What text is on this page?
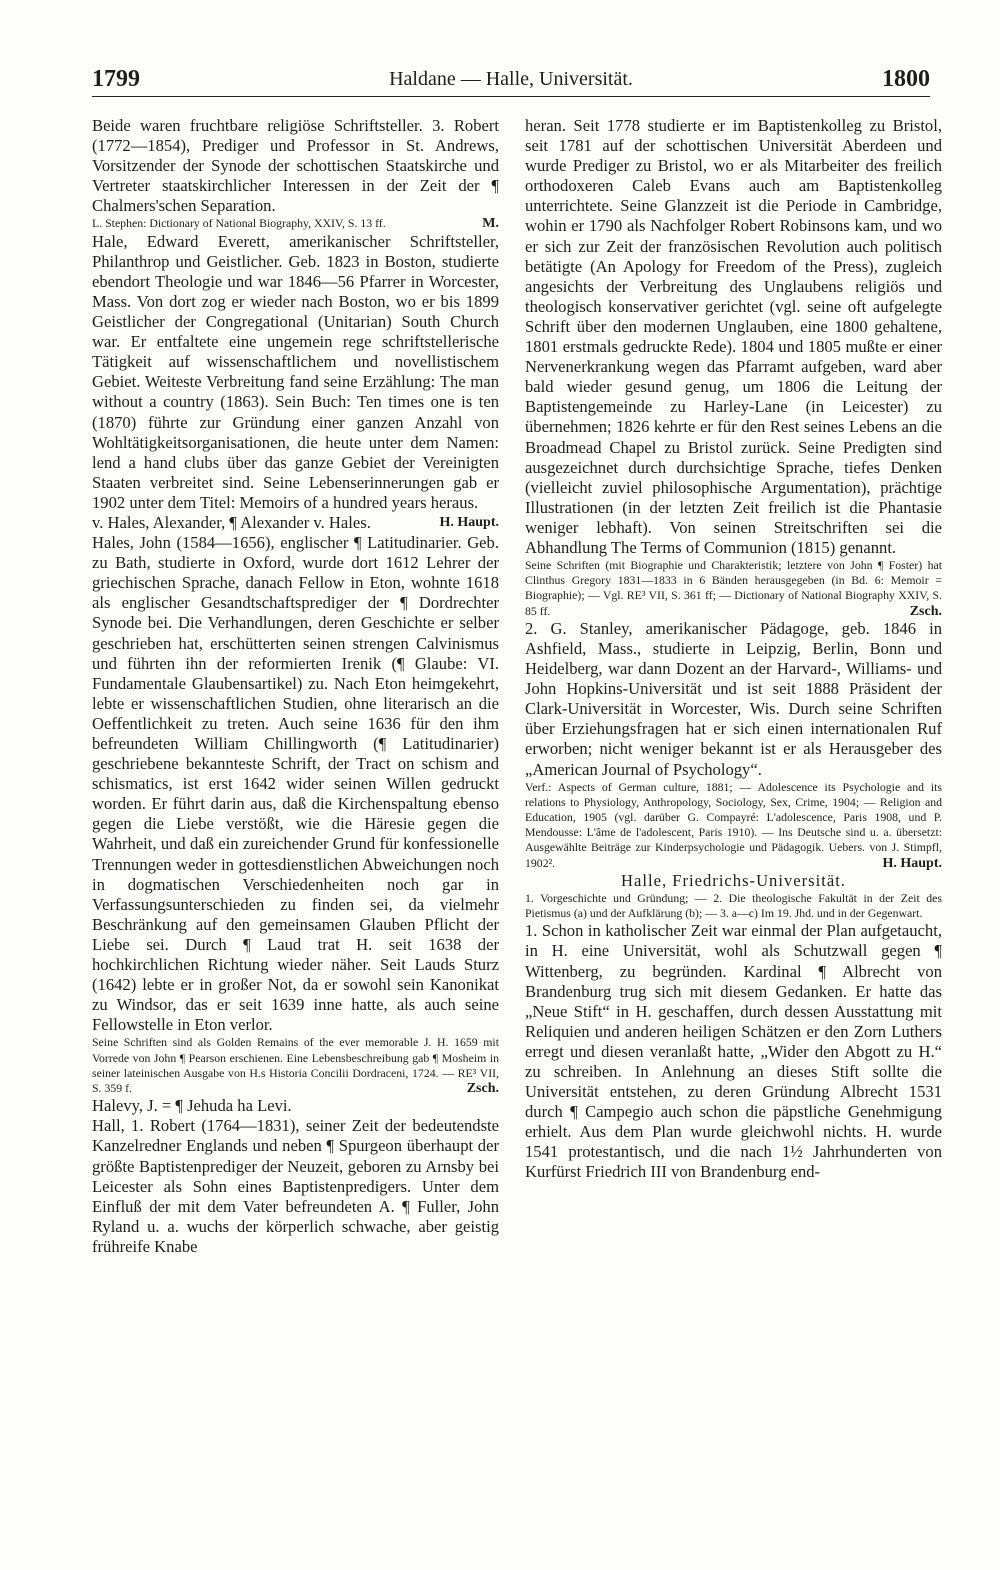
1799	Haldane — Halle, Universität.	1800

Beide waren fruchtbare religiöse Schriftsteller. 3. Robert (1772—1854), Prediger und Professor in St. Andrews, Vorsitzender der Synode der schottischen Staatskirche und Vertreter staatskirchlicher Interessen in der Zeit der ¶ Chalmers'schen Separation.

M.
L. Stephen: Dictionary of National Biography, XXIV, S. 13 ff.

Hale, Edward Everett, amerikanischer Schriftsteller, Philanthrop und Geistlicher. Geb. 1823 in Boston, studierte ebendort Theologie und war 1846—56 Pfarrer in Worcester, Mass. Von dort zog er wieder nach Boston, wo er bis 1899 Geistlicher der Congregational (Unitarian) South Church war. Er entfaltete eine ungemein rege schriftstellerische Tätigkeit auf wissenschaftlichem und novellistischem Gebiet. Weiteste Verbreitung fand seine Erzählung: The man without a country (1863). Sein Buch: Ten times one is ten (1870) führte zur Gründung einer ganzen Anzahl von Wohltätigkeitsorganisationen, die heute unter dem Namen: lend a hand clubs über das ganze Gebiet der Vereinigten Staaten verbreitet sind. Seine Lebenserinnerungen gab er 1902 unter dem Titel: Memoirs of a hundred years heraus.
H. Haupt.

v. Hales, Alexander, ¶ Alexander v. Hales.

Hales, John (1584—1656), englischer ¶ Latitudinarier. Geb. zu Bath, studierte in Oxford, wurde dort 1612 Lehrer der griechischen Sprache, danach Fellow in Eton, wohnte 1618 als englischer Gesandtschaftsprediger der ¶ Dordrechter Synode bei. Die Verhandlungen, deren Geschichte er selber geschrieben hat, erschütterten seinen strengen Calvinismus und führten ihn der reformierten Irenik (¶ Glaube: VI. Fundamentale Glaubensartikel) zu. Nach Eton heimgekehrt, lebte er wissenschaftlichen Studien, ohne literarisch an die Oeffentlichkeit zu treten. Auch seine 1636 für den ihm befreundeten William Chillingworth (¶ Latitudinarier) geschriebene bekannteste Schrift, der Tract on schism and schismatics, ist erst 1642 wider seinen Willen gedruckt worden. Er führt darin aus, daß die Kirchenspaltung ebenso gegen die Liebe verstößt, wie die Häresie gegen die Wahrheit, und daß ein zureichender Grund für konfessionelle Trennungen weder in gottesdienstlichen Abweichungen noch in dogmatischen Verschiedenheiten noch gar in Verfassungsunterschieden zu finden sei, da vielmehr Beschränkung auf den gemeinsamen Glauben Pflicht der Liebe sei. Durch ¶ Laud trat H. seit 1638 der hochkirchlichen Richtung wieder näher. Seit Lauds Sturz (1642) lebte er in großer Not, da er sowohl sein Kanonikat zu Windsor, das er seit 1639 inne hatte, als auch seine Fellowstelle in Eton verlor.

Seine Schriften sind als Golden Remains of the ever memorable J. H. 1659 mit Vorrede von John ¶ Pearson erschienen. Eine Lebensbeschreibung gab ¶ Mosheim in seiner lateinischen Ausgabe von H.s Historia Concilii Dordraceni, 1724. — RE³ VII, S. 359 f.	Zsch.

Halevy, J. = ¶ Jehuda ha Levi.

Hall, 1. Robert (1764—1831), seiner Zeit der bedeutendste Kanzelredner Englands und neben ¶ Spurgeon überhaupt der größte Baptistenprediger der Neuzeit, geboren zu Arnsby bei Leicester als Sohn eines Baptistenpredigers. Unter dem Einfluß der mit dem Vater befreundeten A. ¶ Fuller, John Ryland u. a. wuchs der körperlich schwache, aber geistig frühreife Knabe

heran. Seit 1778 studierte er im Baptistenkolleg zu Bristol, seit 1781 auf der schottischen Universität Aberdeen und wurde Prediger zu Bristol, wo er als Mitarbeiter des freilich orthodoxeren Caleb Evans auch am Baptistenkolleg unterrichtete. Seine Glanzzeit ist die Periode in Cambridge, wohin er 1790 als Nachfolger Robert Robinsons kam, und wo er sich zur Zeit der französischen Revolution auch politisch betätigte (An Apology for Freedom of the Press), zugleich angesichts der Verbreitung des Unglaubens religiös und theologisch konservativer gerichtet (vgl. seine oft aufgelegte Schrift über den modernen Unglauben, eine 1800 gehaltene, 1801 erstmals gedruckte Rede). 1804 und 1805 mußte er einer Nervenerkrankung wegen das Pfarramt aufgeben, ward aber bald wieder gesund genug, um 1806 die Leitung der Baptistengemeinde zu Harley-Lane (in Leicester) zu übernehmen; 1826 kehrte er für den Rest seines Lebens an die Broadmead Chapel zu Bristol zurück. Seine Predigten sind ausgezeichnet durch durchsichtige Sprache, tiefes Denken (vielleicht zuviel philosophische Argumentation), prächtige Illustrationen (in der letzten Zeit freilich ist die Phantasie weniger lebhaft). Von seinen Streitschriften sei die Abhandlung The Terms of Communion (1815) genannt.

Seine Schriften (mit Biographie und Charakteristik; letztere von John ¶ Foster) hat Clinthus Gregory 1831—1833 in 6 Bänden herausgegeben (in Bd. 6: Memoir = Biographie); — Vgl. RE³ VII, S. 361 ff; — Dictionary of National Biography XXIV, S. 85 ff.	Zsch.

2. G. Stanley, amerikanischer Pädagoge, geb. 1846 in Ashfield, Mass., studierte in Leipzig, Berlin, Bonn und Heidelberg, war dann Dozent an der Harvard-, Williams- und John Hopkins-Universität und ist seit 1888 Präsident der Clark-Universität in Worcester, Wis. Durch seine Schriften über Erziehungsfragen hat er sich einen internationalen Ruf erworben; nicht weniger bekannt ist er als Herausgeber des „American Journal of Psychology“.

Verf.: Aspects of German culture, 1881; — Adolescence its Psychologie and its relations to Physiology, Anthropology, Sociology, Sex, Crime, 1904; — Religion and Education, 1905 (vgl. darüber G. Compayré: L'adolescence, Paris 1908, und P. Mendousse: L'âme de l'adolescent, Paris 1910). — Ins Deutsche sind u. a. übersetzt: Ausgewählte Beiträge zur Kinderpsychologie und Pädagogik. Uebers. von J. Stimpfl, 1902².	H. Haupt.

Halle, Friedrichs-Universität.

1. Vorgeschichte und Gründung; — 2. Die theologische Fakultät in der Zeit des Pietismus (a) und der Aufklärung (b); — 3. a—c) Im 19. Jhd. und in der Gegenwart.

1. Schon in katholischer Zeit war einmal der Plan aufgetaucht, in H. eine Universität, wohl als Schutzwall gegen ¶ Wittenberg, zu begründen. Kardinal ¶ Albrecht von Brandenburg trug sich mit diesem Gedanken. Er hatte das „Neue Stift“ in H. geschaffen, durch dessen Ausstattung mit Reliquien und anderen heiligen Schätzen er den Zorn Luthers erregt und diesen veranlaßt hatte, „Wider den Abgott zu H.“ zu schreiben. In Anlehnung an dieses Stift sollte die Universität entstehen, zu deren Gründung Albrecht 1531 durch ¶ Campegio auch schon die päpstliche Genehmigung erhielt. Aus dem Plan wurde gleichwohl nichts. H. wurde 1541 protestantisch, und die nach 1½ Jahrhunderten von Kurfürst Friedrich III von Brandenburg end-
